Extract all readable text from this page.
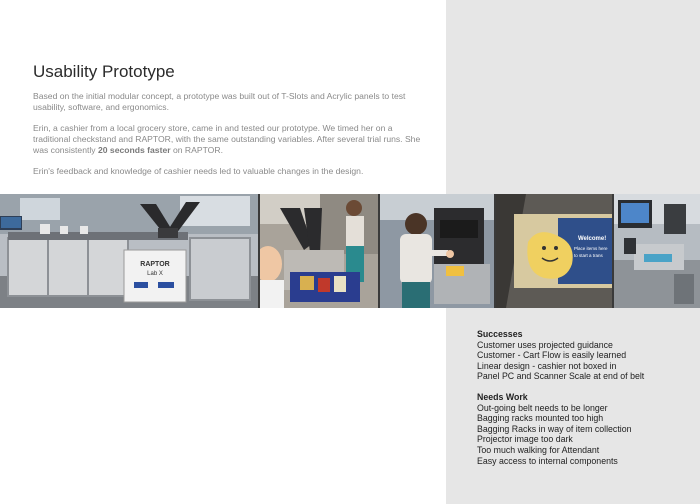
Usability Prototype

Based on the initial modular concept, a prototype was built out of T-Slots and Acrylic panels to test usability, software, and ergonomics.

Erin, a cashier from a local grocery store, came in and tested our prototype. We timed her on a traditional checkstand and RAPTOR, with the same outstanding variables. After several trial runs. She was consistently 20 seconds faster on RAPTOR.

Erin's feedback and knowledge of cashier needs led to valuable changes in the design.

RAPTOR
Lab X
Welcome!
Place items here
to start a trans

Successes

Customer uses projected guidance
Customer - Cart Flow is easily learned
Linear design - cashier not boxed in
Panel PC and Scanner Scale at end of belt

Needs Work

Out-going belt needs to be longer
Bagging racks mounted too high
Bagging Racks in way of item collection
Projector image too dark
Too much walking for Attendant
Easy access to internal components
